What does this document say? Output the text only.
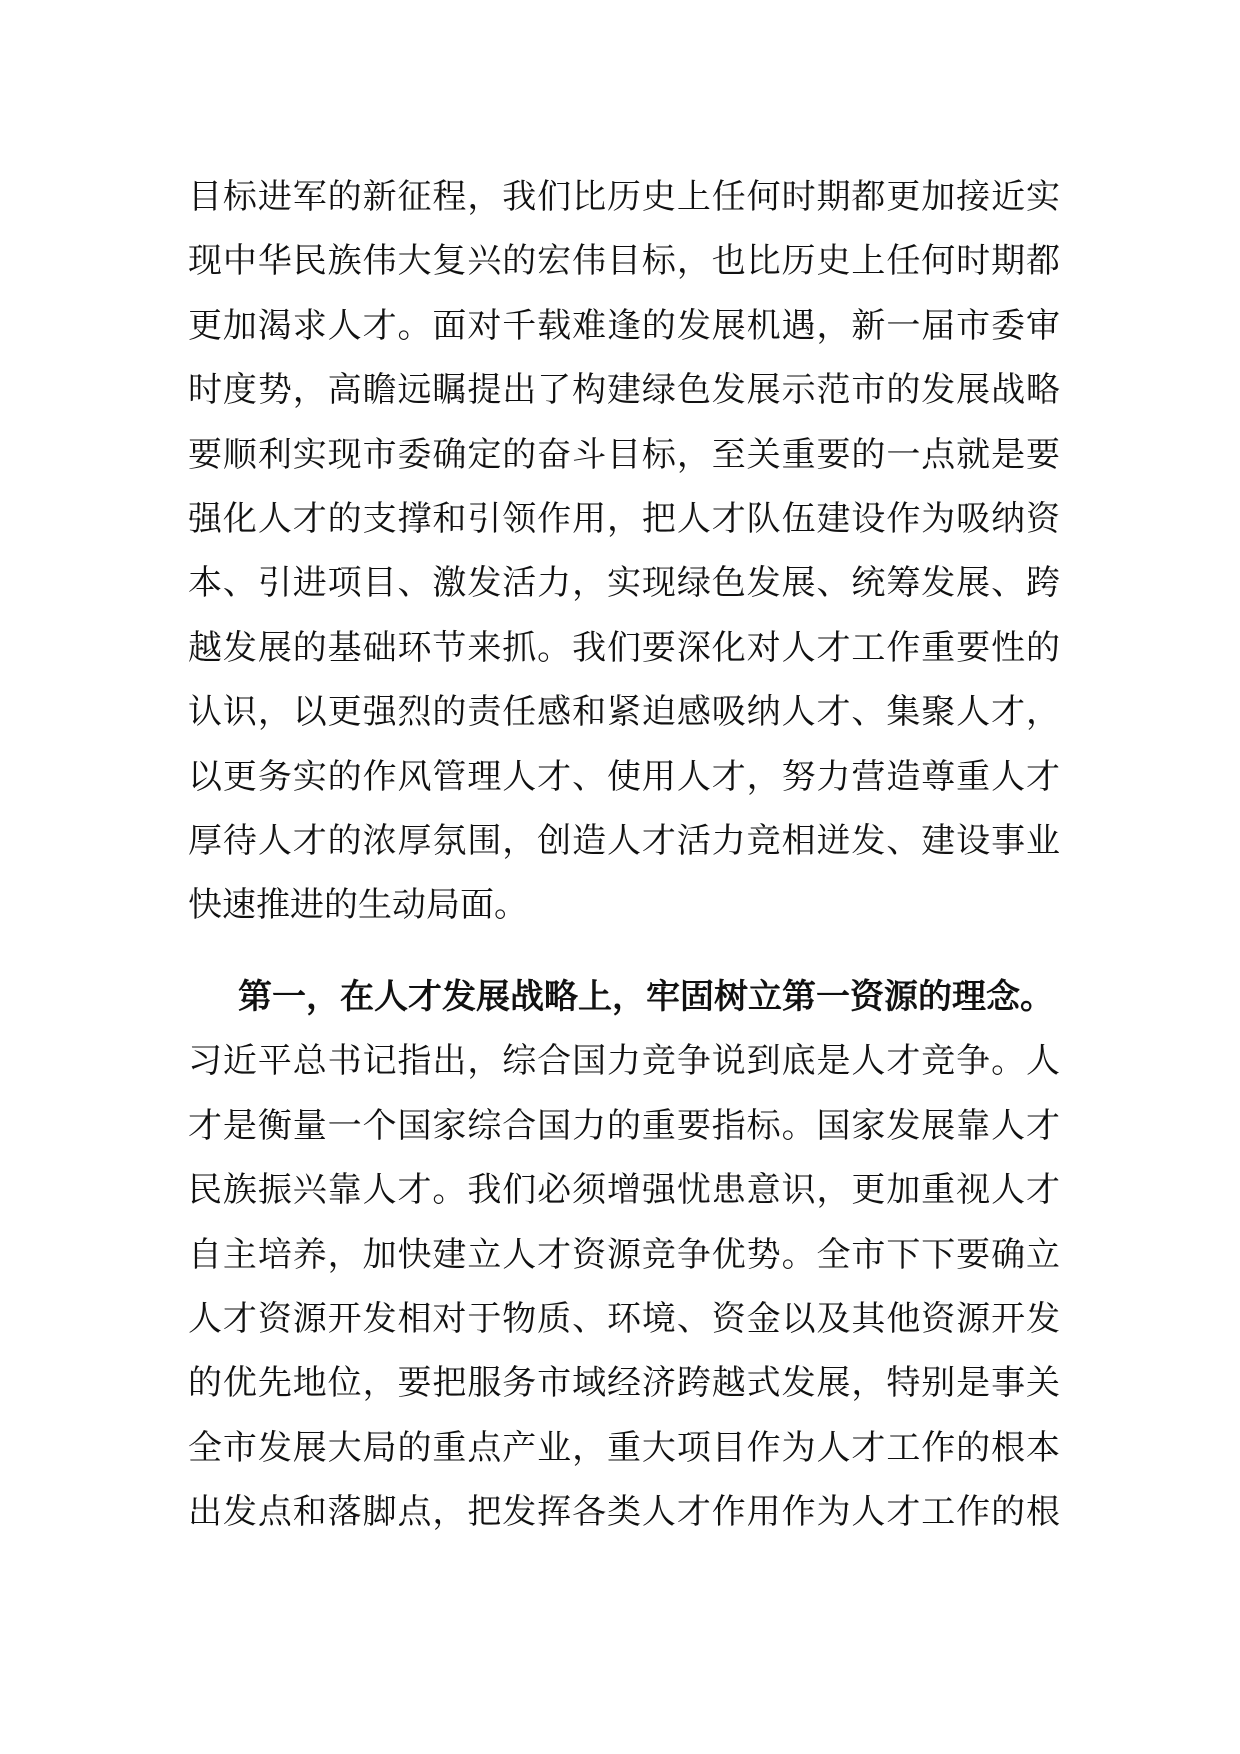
目标进军的新征程，我们比历史上任何时期都更加接近实
现中华民族伟大复兴的宏伟目标，也比历史上任何时期都
更加渴求人才。面对千载难逢的发展机遇，新一届市委审
时度势，高瞻远瞩提出了构建绿色发展示范市的发展战略
要顺利实现市委确定的奋斗目标，至关重要的一点就是要
强化人才的支撑和引领作用，把人才队伍建设作为吸纳资
本、引进项目、激发活力，实现绿色发展、统筹发展、跨
越发展的基础环节来抓。我们要深化对人才工作重要性的
认识，以更强烈的责任感和紧迫感吸纳人才、集聚人才，
以更务实的作风管理人才、使用人才，努力营造尊重人才
厚待人才的浓厚氛围，创造人才活力竞相迸发、建设事业
快速推进的生动局面。
第一，在人才发展战略上，牢固树立第一资源的理念。
习近平总书记指出，综合国力竞争说到底是人才竞争。人
才是衡量一个国家综合国力的重要指标。国家发展靠人才
民族振兴靠人才。我们必须增强忧患意识，更加重视人才
自主培养，加快建立人才资源竞争优势。全市下下要确立
人才资源开发相对于物质、环境、资金以及其他资源开发
的优先地位，要把服务市域经济跨越式发展，特别是事关
全市发展大局的重点产业，重大项目作为人才工作的根本
出发点和落脚点，把发挥各类人才作用作为人才工作的根
